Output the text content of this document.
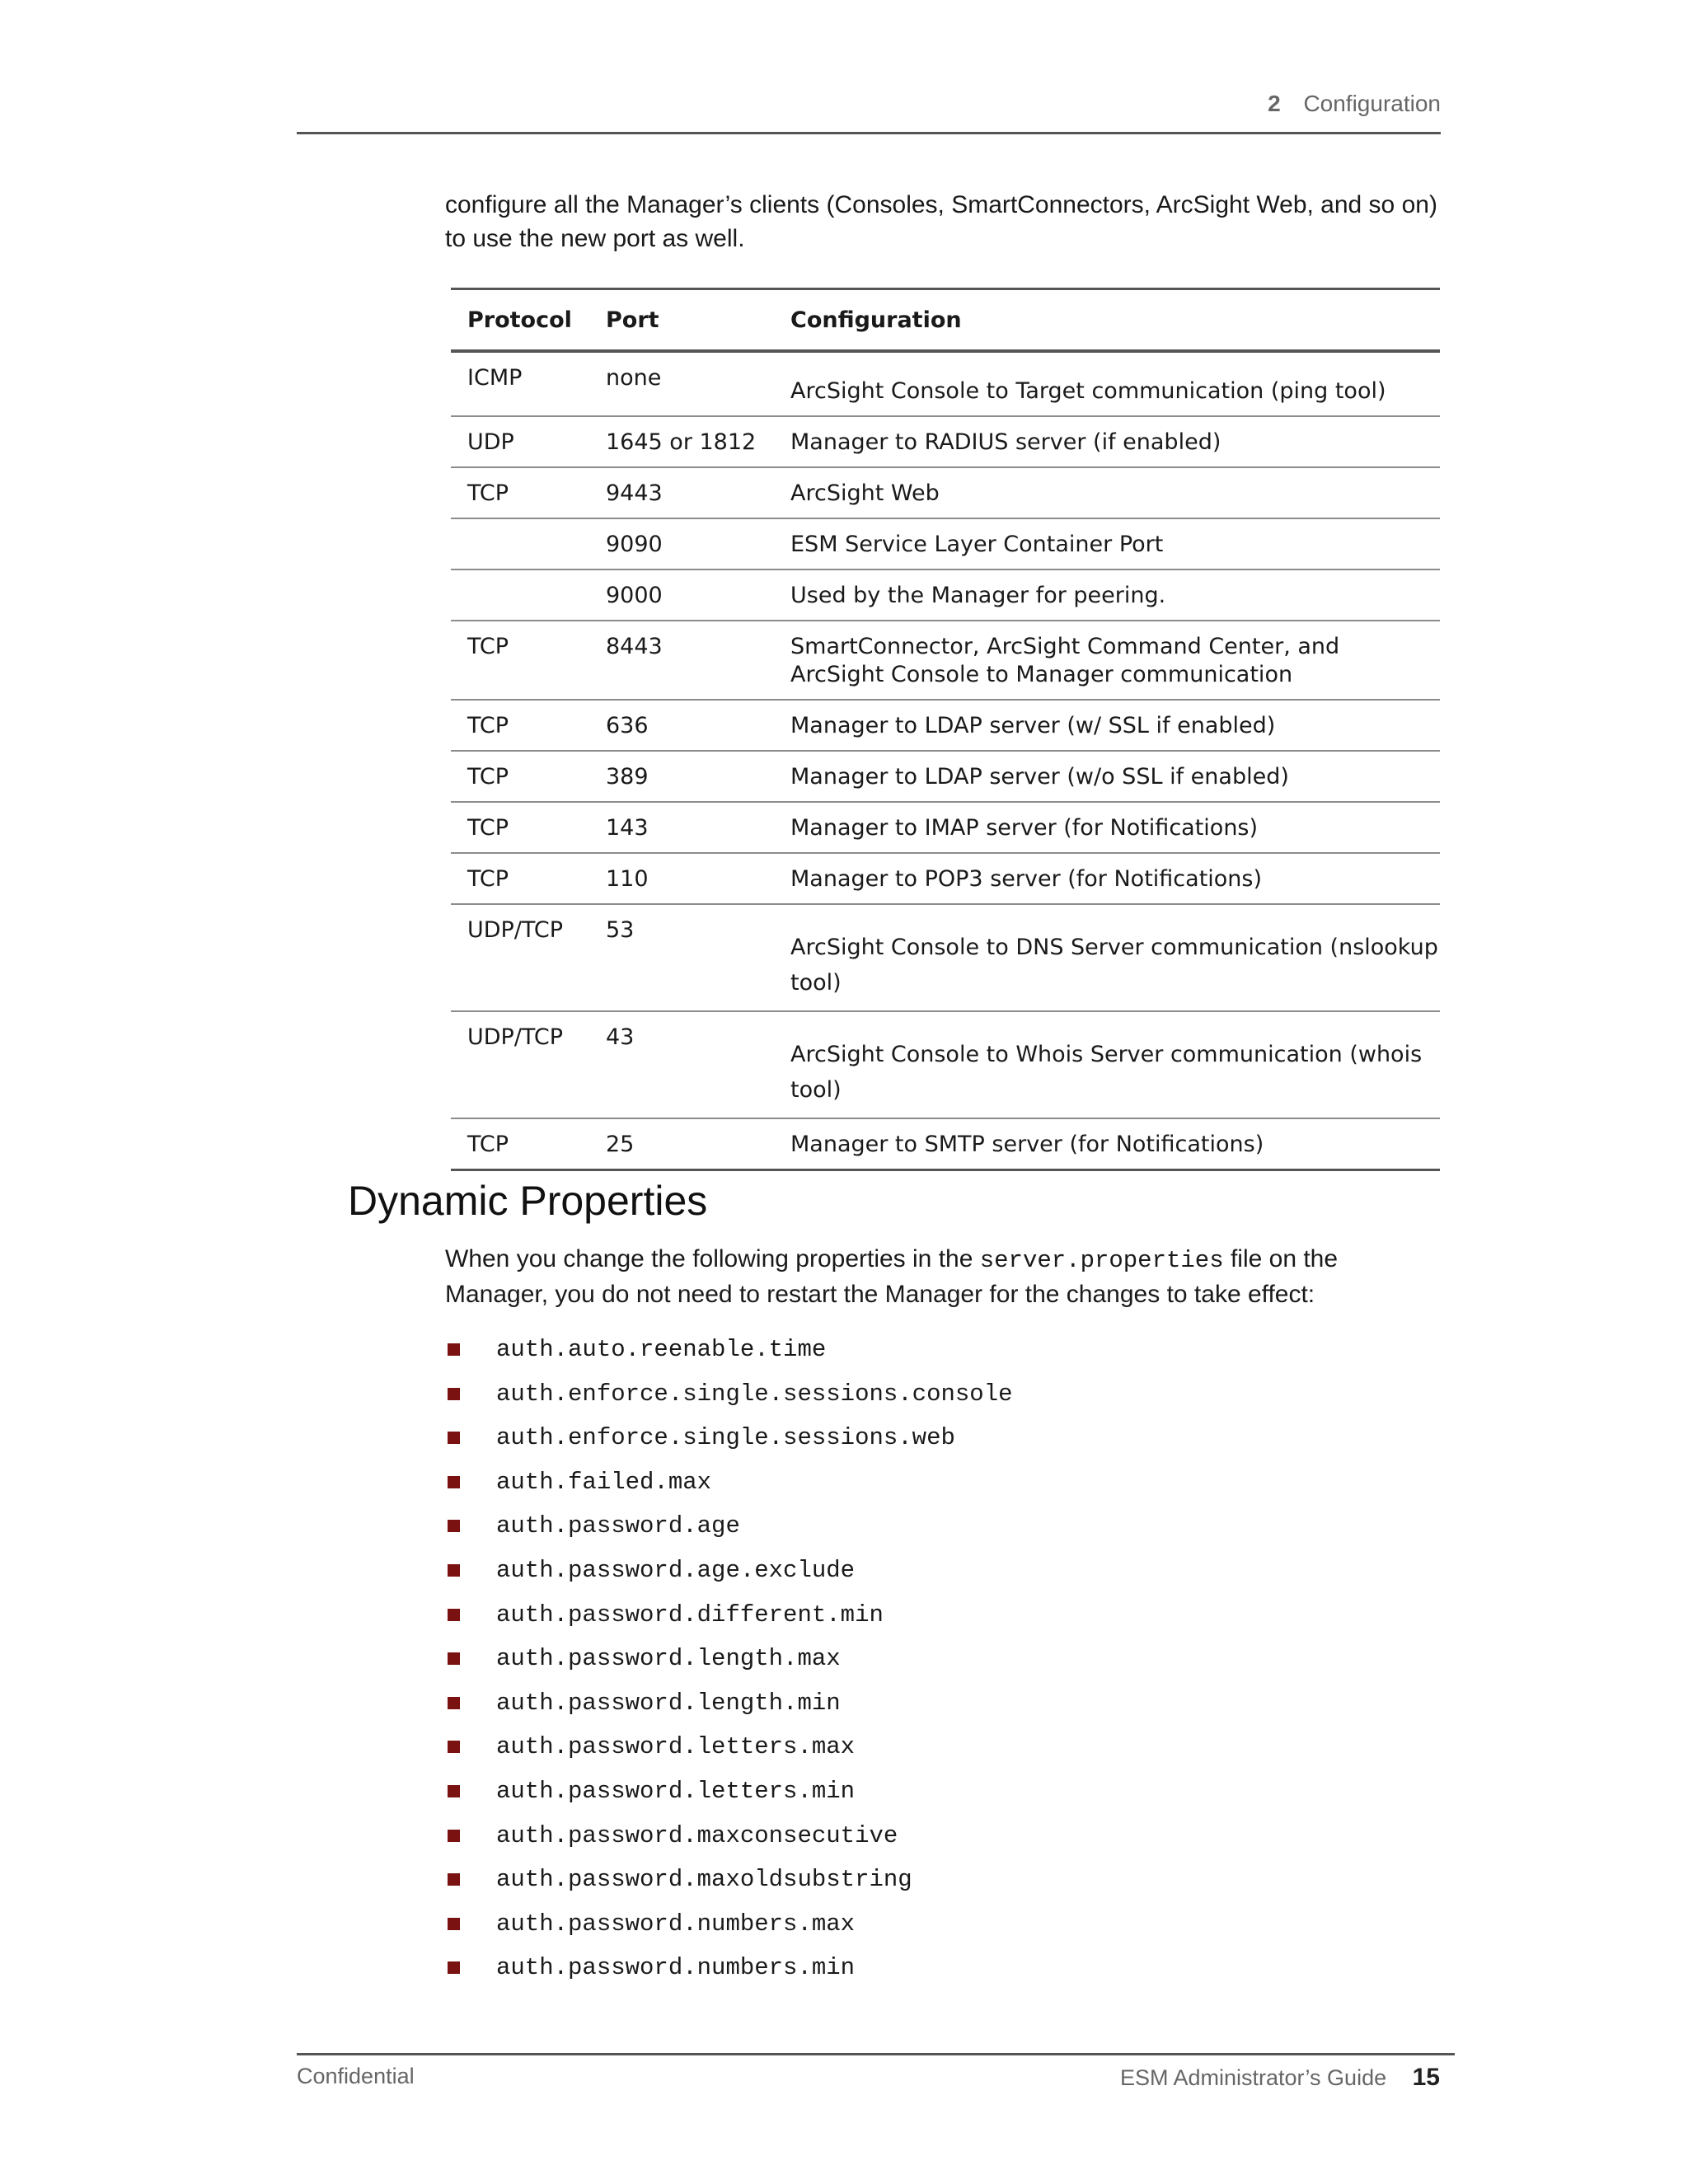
2 Configuration

configure all the Manager’s clients (Consoles, SmartConnectors, ArcSight Web, and so on) to use the new port as well.

Protocol	Port	Configuration
ICMP	none	ArcSight Console to Target communication (ping tool)
UDP	1645 or 1812	Manager to RADIUS server (if enabled)
TCP	9443	ArcSight Web
	9090	ESM Service Layer Container Port
	9000	Used by the Manager for peering.
TCP	8443	SmartConnector, ArcSight Command Center, and ArcSight Console to Manager communication
TCP	636	Manager to LDAP server (w/ SSL if enabled)
TCP	389	Manager to LDAP server (w/o SSL if enabled)
TCP	143	Manager to IMAP server (for Notifications)
TCP	110	Manager to POP3 server (for Notifications)
UDP/TCP	53	ArcSight Console to DNS Server communication (nslookup tool)
UDP/TCP	43	ArcSight Console to Whois Server communication (whois tool)
TCP	25	Manager to SMTP server (for Notifications)
Dynamic Properties

When you change the following properties in the server.properties file on the Manager, you do not need to restart the Manager for the changes to take effect:

auth.auto.reenable.time
auth.enforce.single.sessions.console
auth.enforce.single.sessions.web
auth.failed.max
auth.password.age
auth.password.age.exclude
auth.password.different.min
auth.password.length.max
auth.password.length.min
auth.password.letters.max
auth.password.letters.min
auth.password.maxconsecutive
auth.password.maxoldsubstring
auth.password.numbers.max
auth.password.numbers.min
Confidential	ESM Administrator’s Guide 15
